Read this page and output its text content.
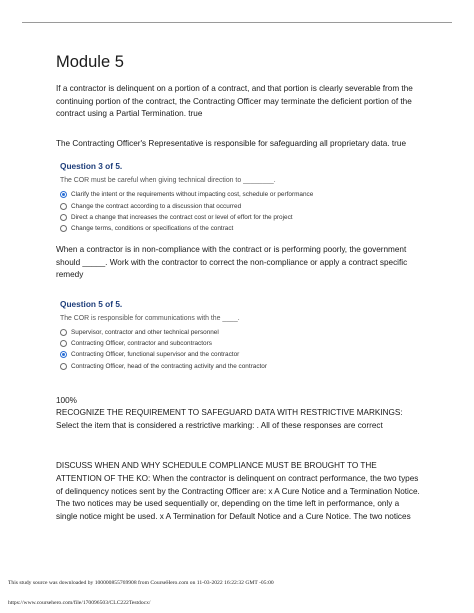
Module 5

If a contractor is delinquent on a portion of a contract, and that portion is clearly severable from the continuing portion of the contract, the Contracting Officer may terminate the deficient portion of the contract using a Partial Termination. true

The Contracting Officer's Representative is responsible for safeguarding all proprietary data. true

Question 3 of 5.
The COR must be careful when giving technical direction to ________.
Clarify the intent or the requirements without impacting cost, schedule or performance
Change the contract according to a discussion that occurred
Direct a change that increases the contract cost or level of effort for the project
Change terms, conditions or specifications of the contract

When a contractor is in non-compliance with the contract or is performing poorly, the government should _____. Work with the contractor to correct the non-compliance or apply a contract specific remedy

Question 5 of 5.
The COR is responsible for communications with the ____.
Supervisor, contractor and other technical personnel
Contracting Officer, contractor and subcontractors
Contracting Officer, functional supervisor and the contractor
Contracting Officer, head of the contracting activity and the contractor

100%

RECOGNIZE THE REQUIREMENT TO SAFEGUARD DATA WITH RESTRICTIVE MARKINGS: Select the item that is considered a restrictive marking: . All of these responses are correct

DISCUSS WHEN AND WHY SCHEDULE COMPLIANCE MUST BE BROUGHT TO THE ATTENTION OF THE KO: When the contractor is delinquent on contract performance, the two types of delinquency notices sent by the Contracting Officer are: x A Cure Notice and a Termination Notice. The two notices may be used sequentially or, depending on the time left in performance, only a single notice might be used. x A Termination for Default Notice and a Cure Notice. The two notices

This study source was downloaded by 100000855769908 from CourseHero.com on 11-03-2022 16:22:32 GMT -05:00
https://www.coursehero.com/file/170096503/CLC222Testdocx/
